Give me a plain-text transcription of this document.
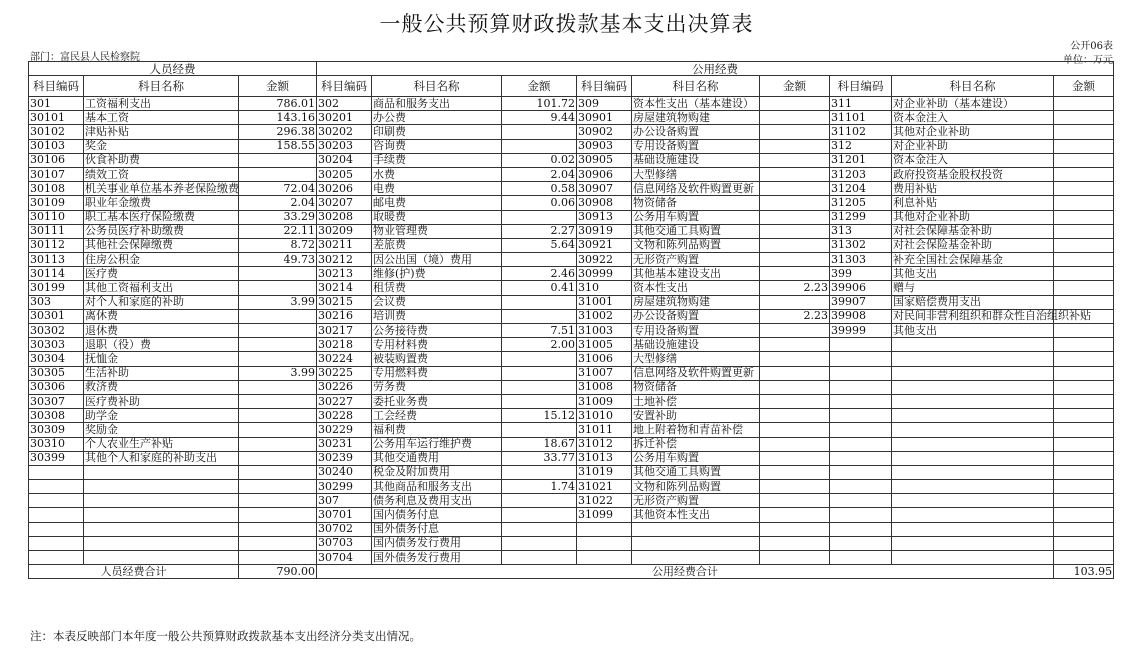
一般公共预算财政拨款基本支出决算表
公开06表
部门：富民县人民检察院	单位：万元
人员经费			公用经费								
科目编码	科目名称	金额	科目编码	科目名称	金额	科目编码	科目名称	金额	科目编码	科目名称	金额
301	工资福利支出	786.01	302	商品和服务支出	101.72	309	资本性支出（基本建设）		311	对企业补助（基本建设）	
30101	基本工资	143.16	30201	办公费	9.44	30901	房屋建筑物购建		31101	资本金注入	
30102	津贴补贴	296.38	30202	印刷费		30902	办公设备购置		31102	其他对企业补助	
30103	奖金	158.55	30203	咨询费		30903	专用设备购置		312	对企业补助	
30106	伙食补助费		30204	手续费	0.02	30905	基础设施建设		31201	资本金注入	
30107	绩效工资		30205	水费	2.04	30906	大型修缮		31203	政府投资基金股权投资	
30108	机关事业单位基本养老保险缴费	72.04	30206	电费	0.58	30907	信息网络及软件购置更新		31204	费用补贴	
30109	职业年金缴费	2.04	30207	邮电费	0.06	30908	物资储备		31205	利息补贴	
30110	职工基本医疗保险缴费	33.29	30208	取暖费		30913	公务用车购置		31299	其他对企业补助	
30111	公务员医疗补助缴费	22.11	30209	物业管理费	2.27	30919	其他交通工具购置		313	对社会保障基金补助	
30112	其他社会保障缴费	8.72	30211	差旅费	5.64	30921	文物和陈列品购置		31302	对社会保险基金补助	
30113	住房公积金	49.73	30212	因公出国（境）费用		30922	无形资产购置		31303	补充全国社会保障基金	
30114	医疗费		30213	维修(护)费	2.46	30999	其他基本建设支出		399	其他支出	
30199	其他工资福利支出		30214	租赁费	0.41	310	资本性支出	2.23	39906	赠与	
303	对个人和家庭的补助	3.99	30215	会议费		31001	房屋建筑物购建		39907	国家赔偿费用支出	
30301	离休费		30216	培训费		31002	办公设备购置	2.23	39908	对民间非营利组织和群众性自治组织补贴	
30302	退休费		30217	公务接待费	7.51	31003	专用设备购置		39999	其他支出	
30303	退职（役）费		30218	专用材料费	2.00	31005	基础设施建设				
30304	抚恤金		30224	被装购置费		31006	大型修缮				
30305	生活补助	3.99	30225	专用燃料费		31007	信息网络及软件购置更新				
30306	救济费		30226	劳务费		31008	物资储备				
30307	医疗费补助		30227	委托业务费		31009	土地补偿				
30308	助学金		30228	工会经费	15.12	31010	安置补助				
30309	奖励金		30229	福利费		31011	地上附着物和青苗补偿				
30310	个人农业生产补贴		30231	公务用车运行维护费	18.67	31012	拆迁补偿				
30399	其他个人和家庭的补助支出		30239	其他交通费用	33.77	31013	公务用车购置				
			30240	税金及附加费用		31019	其他交通工具购置				
			30299	其他商品和服务支出	1.74	31021	文物和陈列品购置				
			307	债务利息及费用支出		31022	无形资产购置				
			30701	国内债务付息		31099	其他资本性支出				
			30702	国外债务付息							
			30703	国内债务发行费用							
			30704	国外债务发行费用							
人员经费合计		790.00	公用经费合计								103.95
注：本表反映部门本年度一般公共预算财政拨款基本支出经济分类支出情况。
